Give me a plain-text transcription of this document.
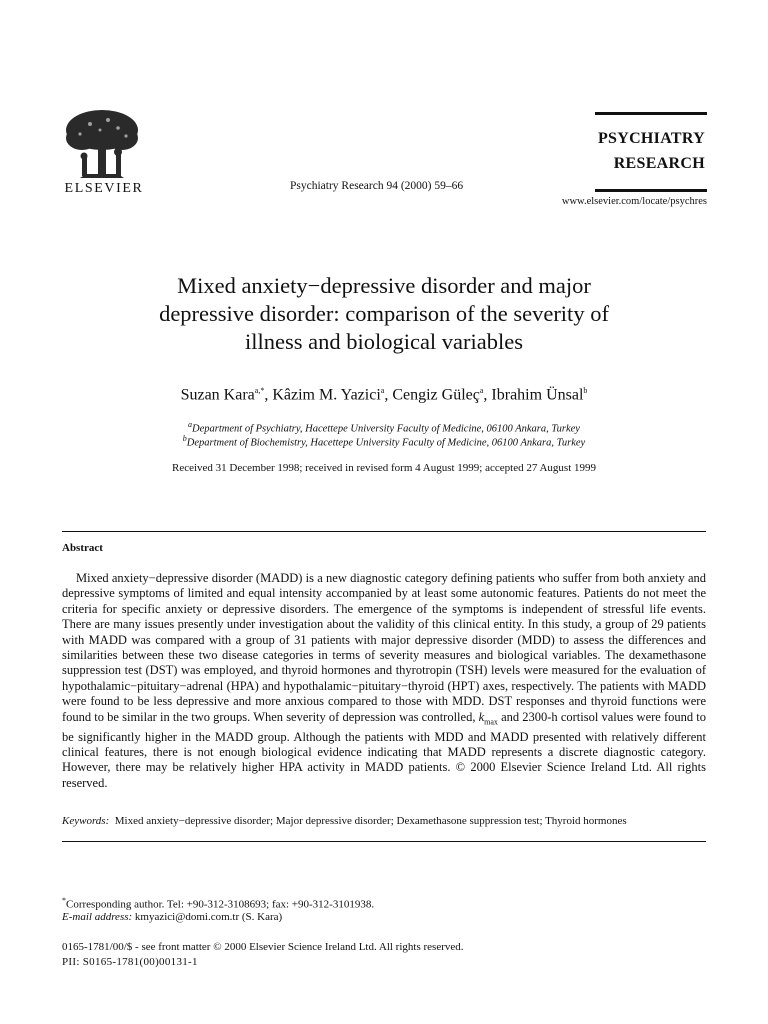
ELSEVIER	Psychiatry Research 94 (2000) 59–66
PSYCHIATRY
RESEARCH
www.elsevier.com/locate/psychres
Mixed anxiety−depressive disorder and major
depressive disorder: comparison of the severity of
illness and biological variables
Suzan Kara$^{a,*}$, Kâzim M. Yazici$^a$, Cengiz Güleç$^a$, Ibrahim Ünsal$^b$
$^a$Department of Psychiatry, Hacettepe University Faculty of Medicine, 06100 Ankara, Turkey
$^b$Department of Biochemistry, Hacettepe University Faculty of Medicine, 06100 Ankara, Turkey
Received 31 December 1998; received in revised form 4 August 1999; accepted 27 August 1999
Abstract
Mixed anxiety−depressive disorder (MADD) is a new diagnostic category defining patients who suffer from both anxiety and depressive symptoms of limited and equal intensity accompanied by at least some autonomic features. Patients do not meet the criteria for specific anxiety or depressive disorders. The emergence of the symptoms is independent of stressful life events. There are many issues presently under investigation about the validity of this clinical entity. In this study, a group of 29 patients with MADD was compared with a group of 31 patients with major depressive disorder (MDD) to assess the differences and similarities between these two disease categories in terms of severity measures and biological variables. The dexamethasone suppression test (DST) was employed, and thyroid hormones and thyrotropin (TSH) levels were measured for the evaluation of hypothalamic−pituitary−adrenal (HPA) and hypothalamic−pituitary−thyroid (HPT) axes, respectively. The patients with MADD were found to be less depressive and more anxious compared to those with MDD. DST responses and thyroid functions were found to be similar in the two groups. When severity of depression was controlled, $k_{max}$ and 2300-h cortisol values were found to be significantly higher in the MADD group. Although the patients with MDD and MADD presented with relatively different clinical features, there is not enough biological evidence indicating that MADD represents a discrete diagnostic category. However, there may be relatively higher HPA activity in MADD patients. © 2000 Elsevier Science Ireland Ltd. All rights reserved.
Keywords: Mixed anxiety−depressive disorder; Major depressive disorder; Dexamethasone suppression test; Thyroid hormones
*Corresponding author. Tel: +90-312-3108693; fax: +90-312-3101938.
E-mail address: kmyazici@domi.com.tr (S. Kara)
0165-1781/00/$ - see front matter © 2000 Elsevier Science Ireland Ltd. All rights reserved.
PII: S0165-1781(00)00131-1
